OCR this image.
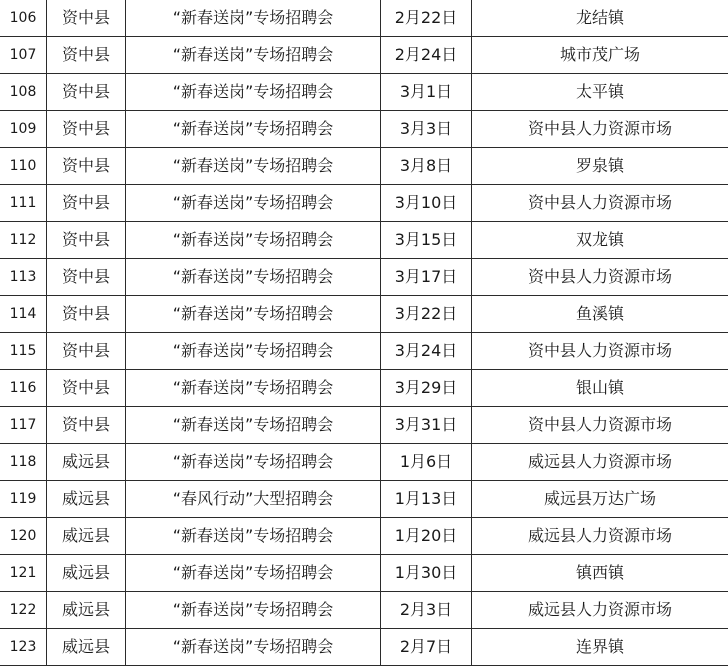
106	资中县	“新春送岗”专场招聘会	2月22日	龙结镇
107	资中县	“新春送岗”专场招聘会	2月24日	城市茂广场
108	资中县	“新春送岗”专场招聘会	3月1日	太平镇
109	资中县	“新春送岗”专场招聘会	3月3日	资中县人力资源市场
110	资中县	“新春送岗”专场招聘会	3月8日	罗泉镇
111	资中县	“新春送岗”专场招聘会	3月10日	资中县人力资源市场
112	资中县	“新春送岗”专场招聘会	3月15日	双龙镇
113	资中县	“新春送岗”专场招聘会	3月17日	资中县人力资源市场
114	资中县	“新春送岗”专场招聘会	3月22日	鱼溪镇
115	资中县	“新春送岗”专场招聘会	3月24日	资中县人力资源市场
116	资中县	“新春送岗”专场招聘会	3月29日	银山镇
117	资中县	“新春送岗”专场招聘会	3月31日	资中县人力资源市场
118	威远县	“新春送岗”专场招聘会	1月6日	威远县人力资源市场
119	威远县	“春风行动”大型招聘会	1月13日	威远县万达广场
120	威远县	“新春送岗”专场招聘会	1月20日	威远县人力资源市场
121	威远县	“新春送岗”专场招聘会	1月30日	镇西镇
122	威远县	“新春送岗”专场招聘会	2月3日	威远县人力资源市场
123	威远县	“新春送岗”专场招聘会	2月7日	连界镇
